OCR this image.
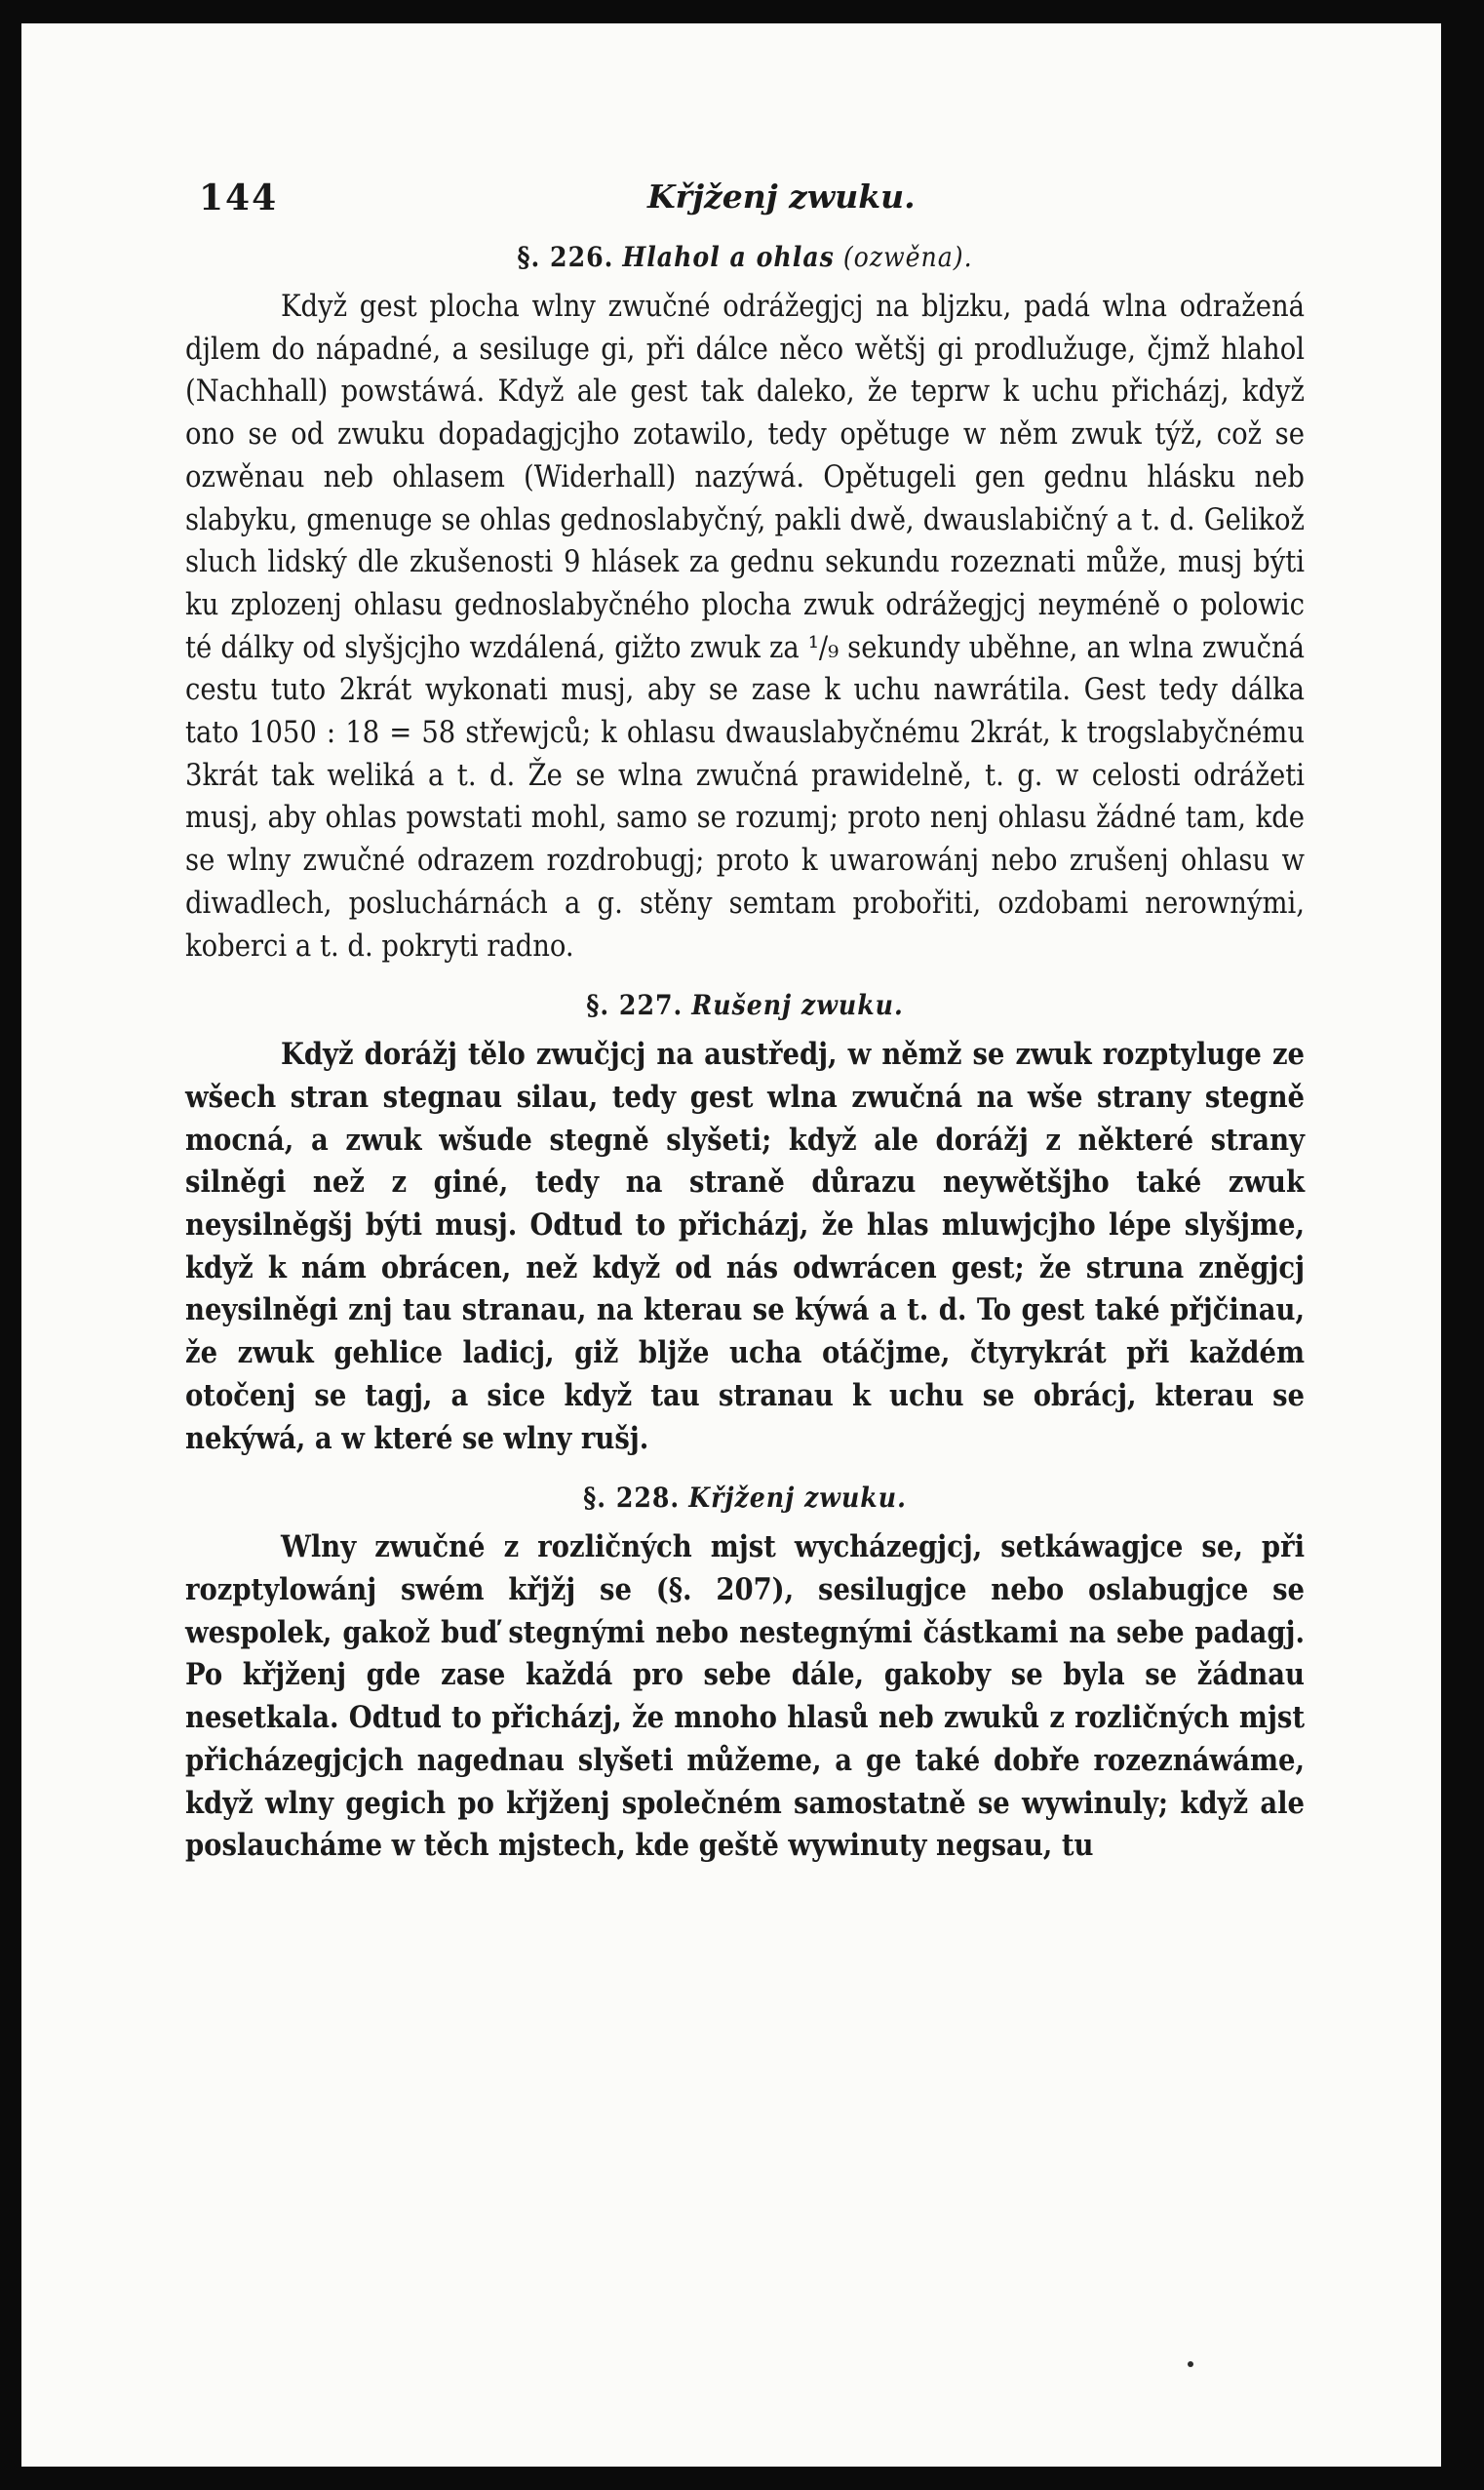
144	Křjženj zwuku.
§. 226. Hlahol a ohlas (ozwěna).

Když gest plocha wlny zwučné odrážegjcj na bljzku, padá wlna odražená djlem do nápadné, a sesiluge gi, při dálce něco wětšj gi prodlužuge, čjmž hlahol (Nachhall) powstáwá. Když ale gest tak daleko, že teprw k uchu přicházj, když ono se od zwuku dopadagjcjho zotawilo, tedy opětuge w něm zwuk týž, což se ozwěnau neb ohlasem (Widerhall) nazýwá. Opětugeli gen gednu hlásku neb slabyku, gmenuge se ohlas gednoslabyčný, pakli dwě, dwauslabičný a t. d. Gelikož sluch lidský dle zkušenosti 9 hlásek za gednu sekundu rozeznati může, musj býti ku zplozenj ohlasu gednoslabyčného plocha zwuk odrážegjcj neyméně o polowic té dálky od slyšjcjho wzdálená, gižto zwuk za ¹/₉ sekundy uběhne, an wlna zwučná cestu tuto 2krát wykonati musj, aby se zase k uchu nawrátila. Gest tedy dálka tato 1050 : 18 = 58 střewjců; k ohlasu dwauslabyčnému 2krát, k trogslabyčnému 3krát tak weliká a t. d. Že se wlna zwučná prawidelně, t. g. w celosti odrážeti musj, aby ohlas powstati mohl, samo se rozumj; proto nenj ohlasu žádné tam, kde se wlny zwučné odrazem rozdrobugj; proto k uwarowánj nebo zrušenj ohlasu w diwadlech, posluchárnách a g. stěny semtam probořiti, ozdobami nerownými, koberci a t. d. pokryti radno.

§. 227. Rušenj zwuku.

Když dorážj tělo zwučjcj na austředj, w němž se zwuk rozptyluge ze wšech stran stegnau silau, tedy gest wlna zwučná na wše strany stegně mocná, a zwuk wšude stegně slyšeti; když ale dorážj z některé strany silněgi než z giné, tedy na straně důrazu neywětšjho také zwuk neysilněgšj býti musj. Odtud to přicházj, že hlas mluwjcjho lépe slyšjme, když k nám obrácen, než když od nás odwrácen gest; že struna zněgjcj neysilněgi znj tau stranau, na kterau se kýwá a t. d. To gest také přjčinau, že zwuk gehlice ladicj, giž bljže ucha otáčjme, čtyrykrát při každém otočenj se tagj, a sice když tau stranau k uchu se obrácj, kterau se nekýwá, a w které se wlny rušj.

§. 228. Křjženj zwuku.

Wlny zwučné z rozličných mjst wycházegjcj, setkáwagjce se, při rozptylowánj swém křjžj se (§. 207), sesilugjce nebo oslabugjce se wespolek, gakož buď stegnými nebo nestegnými částkami na sebe padagj. Po křjženj gde zase každá pro sebe dále, gakoby se byla se žádnau nesetkala. Odtud to přicházj, že mnoho hlasů neb zwuků z rozličných mjst přicházegjcjch nagednau slyšeti můžeme, a ge také dobře rozeznáwáme, když wlny gegich po křjženj společném samostatně se wywinuly; když ale poslaucháme w těch mjstech, kde geště wywinuty negsau, tu
